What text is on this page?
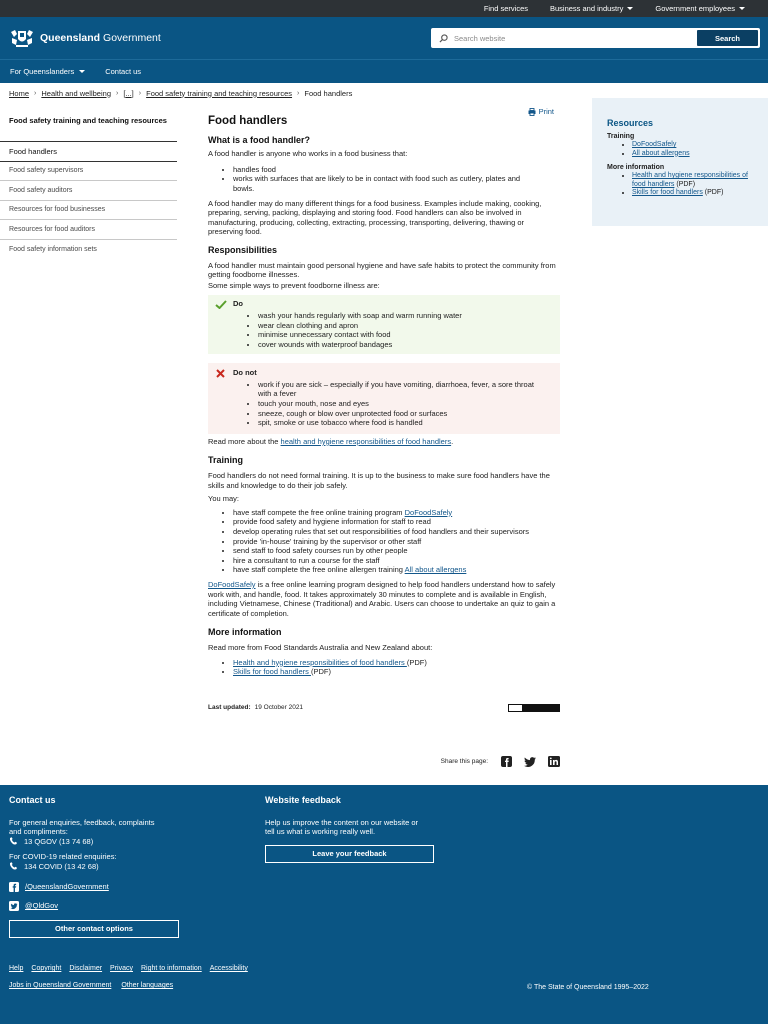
Find services	Business and industry	Government employees
Queensland Government
Search website	Search
For Queenslanders	Contact us
Home › Health and wellbeing › [...] › Food safety training and teaching resources › Food handlers
Food safety training and teaching resources
Food handlers
Food safety supervisors
Food safety auditors
Resources for food businesses
Resources for food auditors
Food safety information sets
Print
Food handlers
What is a food handler?

A food handler is anyone who works in a food business that:

• handles food
• works with surfaces that are likely to be in contact with food such as cutlery, plates and bowls.

A food handler may do many different things for a food business. Examples include making, cooking, preparing, serving, packing, displaying and storing food. Food handlers can also be involved in manufacturing, producing, collecting, extracting, processing, transporting, delivering, thawing or preserving food.

Responsibilities

A food handler must maintain good personal hygiene and have safe habits to protect the community from getting foodborne illnesses.

Some simple ways to prevent foodborne illness are:

Do
• wash your hands regularly with soap and warm running water
• wear clean clothing and apron
• minimise unnecessary contact with food
• cover wounds with waterproof bandages
Do not
• work if you are sick – especially if you have vomiting, diarrhoea, fever, a sore throat with a fever
• touch your mouth, nose and eyes
• sneeze, cough or blow over unprotected food or surfaces
• spit, smoke or use tobacco where food is handled

Read more about the health and hygiene responsibilities of food handlers.

Training

Food handlers do not need formal training. It is up to the business to make sure food handlers have the skills and knowledge to do their job safely.

You may:

• have staff compete the free online training program DoFoodSafely
• provide food safety and hygiene information for staff to read
• develop operating rules that set out responsibilities of food handlers and their supervisors
• provide 'in-house' training by the supervisor or other staff
• send staff to food safety courses run by other people
• hire a consultant to run a course for the staff
• have staff complete the free online allergen training All about allergens

DoFoodSafely is a free online learning program designed to help food handlers understand how to safely work with, and handle, food. It takes approximately 30 minutes to complete and is available in English, including Vietnamese, Chinese (Traditional) and Arabic. Users can choose to undertake an quiz to gain a certificate of completion.

More information

Read more from Food Standards Australia and New Zealand about:

• Health and hygiene responsibilities of food handlers (PDF)
• Skills for food handlers (PDF)
Last updated: 19 October 2021
Share this page:
Resources
Training
• DoFoodSafely
• All about allergens
More information
• Health and hygiene responsibilities of food handlers (PDF)
• Skills for food handlers (PDF)
Contact us

For general enquiries, feedback, complaints and compliments:

13 QGOV (13 74 68)

For COVID-19 related enquiries:

134 COVID (13 42 68)
/QueenslandGovernment
@QldGov
Other contact options
Website feedback

Help us improve the content on our website or tell us what is working really well.

Leave your feedback
Help Copyright Disclaimer Privacy Right to information Accessibility
Jobs in Queensland Government Other languages	© The State of Queensland 1995–2022
